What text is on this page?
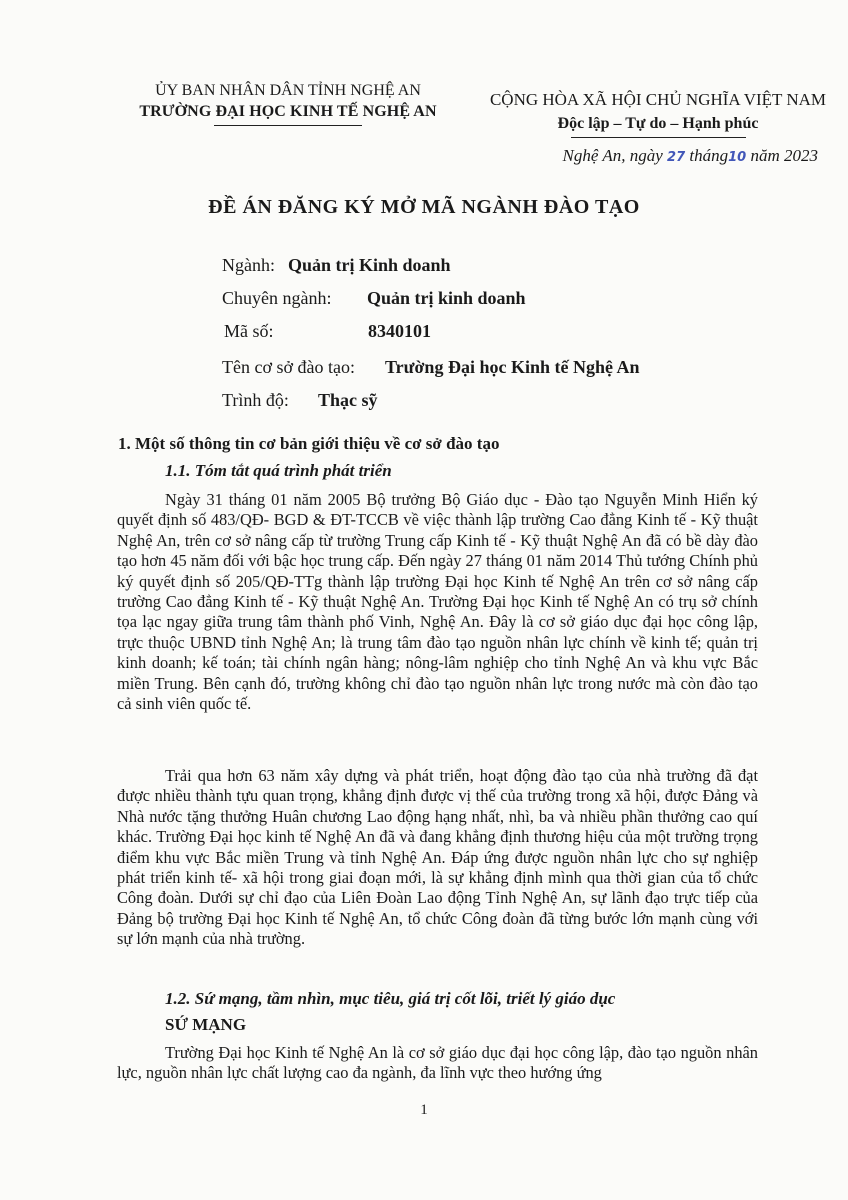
ỦY BAN NHÂN DÂN TỈNH NGHỆ AN
TRƯỜNG ĐẠI HỌC KINH TẾ NGHỆ AN
CỘNG HÒA XÃ HỘI CHỦ NGHĨA VIỆT NAM
Độc lập – Tự do – Hạnh phúc
Nghệ An, ngày 27 tháng10 năm 2023
ĐỀ ÁN ĐĂNG KÝ MỞ MÃ NGÀNH ĐÀO TẠO
Ngành: Quản trị Kinh doanh
Chuyên ngành: Quản trị kinh doanh
Mã số:	8340101
Tên cơ sở đào tạo: Trường Đại học Kinh tế Nghệ An
Trình độ: Thạc sỹ
1. Một số thông tin cơ bản giới thiệu về cơ sở đào tạo
1.1. Tóm tắt quá trình phát triển
Ngày 31 tháng 01 năm 2005 Bộ trưởng Bộ Giáo dục - Đào tạo Nguyễn Minh Hiển ký quyết định số 483/QĐ- BGD & ĐT-TCCB về việc thành lập trường Cao đẳng Kinh tế - Kỹ thuật Nghệ An, trên cơ sở nâng cấp từ trường Trung cấp Kinh tế - Kỹ thuật Nghệ An đã có bề dày đào tạo hơn 45 năm đối với bậc học trung cấp. Đến ngày 27 tháng 01 năm 2014 Thủ tướng Chính phủ ký quyết định số 205/QĐ-TTg thành lập trường Đại học Kinh tế Nghệ An trên cơ sở nâng cấp trường Cao đẳng Kinh tế - Kỹ thuật Nghệ An. Trường Đại học Kinh tế Nghệ An có trụ sở chính tọa lạc ngay giữa trung tâm thành phố Vinh, Nghệ An. Đây là cơ sở giáo dục đại học công lập, trực thuộc UBND tỉnh Nghệ An; là trung tâm đào tạo nguồn nhân lực chính về kinh tế; quản trị kinh doanh; kế toán; tài chính ngân hàng; nông-lâm nghiệp cho tỉnh Nghệ An và khu vực Bắc miền Trung. Bên cạnh đó, trường không chỉ đào tạo nguồn nhân lực trong nước mà còn đào tạo cả sinh viên quốc tế.
Trải qua hơn 63 năm xây dựng và phát triển, hoạt động đào tạo của nhà trường đã đạt được nhiều thành tựu quan trọng, khẳng định được vị thế của trường trong xã hội, được Đảng và Nhà nước tặng thưởng Huân chương Lao động hạng nhất, nhì, ba và nhiều phần thưởng cao quí khác. Trường Đại học kinh tế Nghệ An đã và đang khẳng định thương hiệu của một trường trọng điểm khu vực Bắc miền Trung và tỉnh Nghệ An. Đáp ứng được nguồn nhân lực cho sự nghiệp phát triển kinh tế- xã hội trong giai đoạn mới, là sự khẳng định mình qua thời gian của tổ chức Công đoàn. Dưới sự chỉ đạo của Liên Đoàn Lao động Tỉnh Nghệ An, sự lãnh đạo trực tiếp của Đảng bộ trường Đại học Kinh tế Nghệ An, tổ chức Công đoàn đã từng bước lớn mạnh cùng với sự lớn mạnh của nhà trường.
1.2. Sứ mạng, tầm nhìn, mục tiêu, giá trị cốt lõi, triết lý giáo dục
SỨ MẠNG
Trường Đại học Kinh tế Nghệ An là cơ sở giáo dục đại học công lập, đào tạo nguồn nhân lực, nguồn nhân lực chất lượng cao đa ngành, đa lĩnh vực theo hướng ứng
1
